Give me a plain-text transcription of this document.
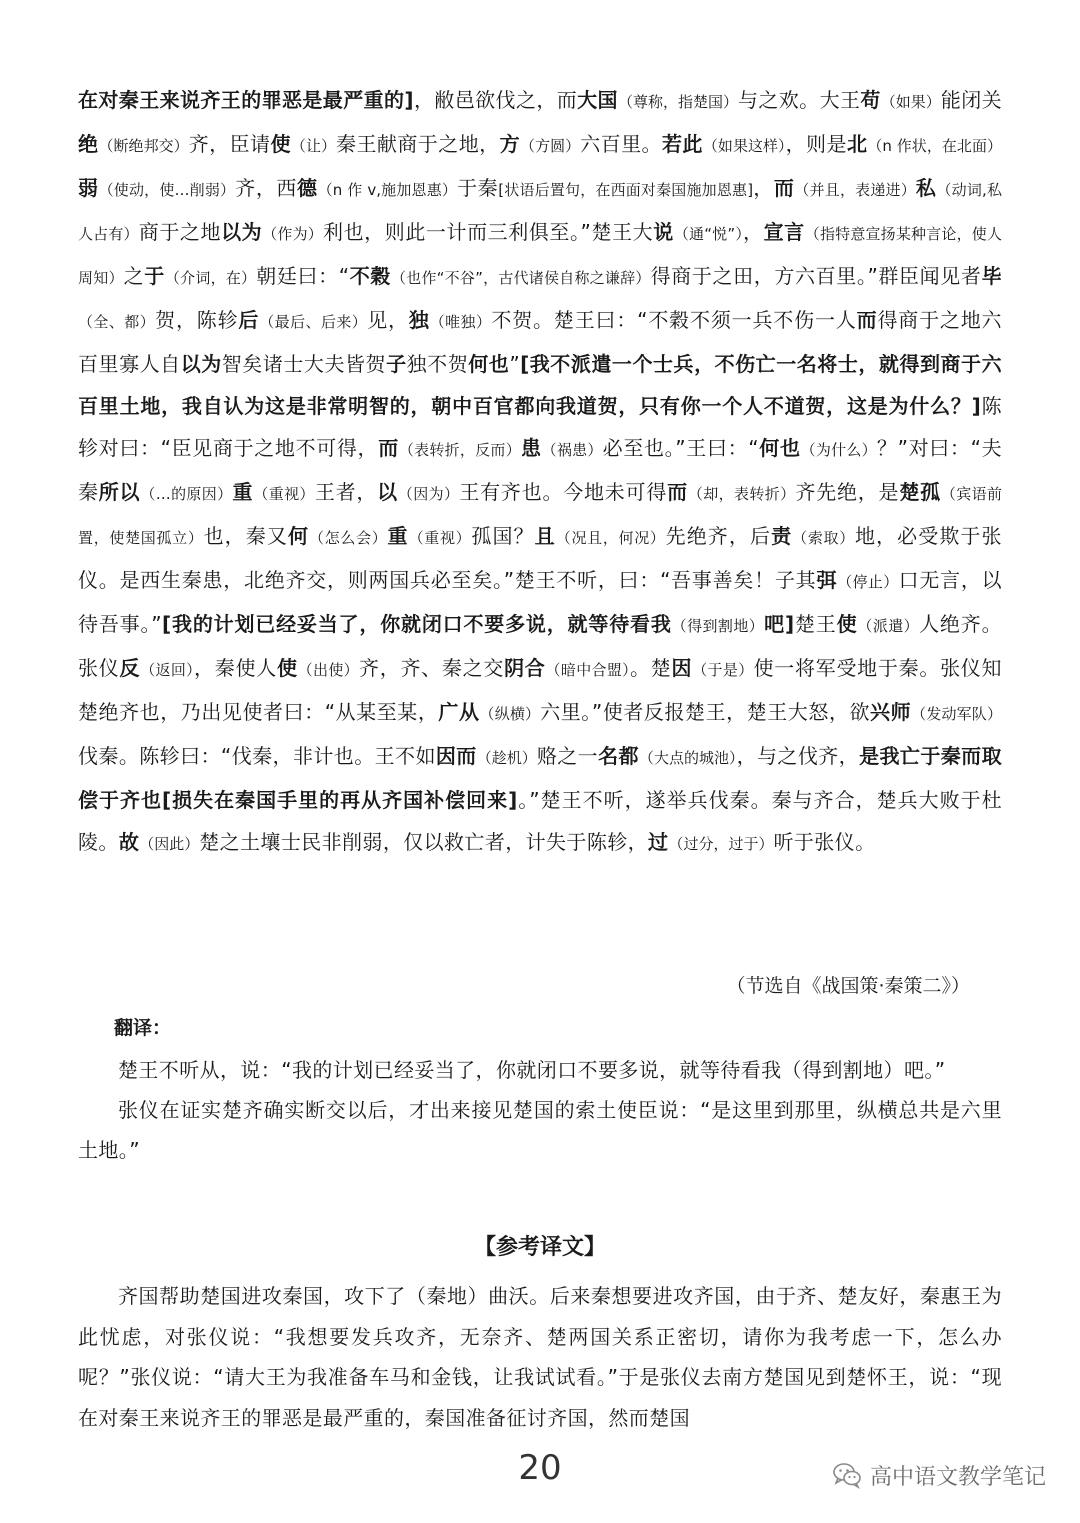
在对秦王来说齐王的罪恶是最严重的]，敝邑欲伐之，而大国（尊称，指楚国）与之欢。大王苟（如果）能闭关绝（断绝邦交）齐，臣请使（让）秦王献商于之地，方（方圆）六百里。若此（如果这样），则是北（n 作状，在北面）弱（使动，使…削弱）齐，西德（n 作 v,施加恩惠）于秦[状语后置句，在西面对秦国施加恩惠]，而（并且，表递进）私（动词,私人占有）商于之地以为（作为）利也，则此一计而三利俱至。”楚王大说（通“悦”），宣言（指特意宣扬某种言论，使人周知）之于（介词，在）朝廷曰：“不穀（也作“不谷”，古代诸侯自称之谦辞）得商于之田，方六百里。”群臣闻见者毕（全、都）贺，陈轸后（最后、后来）见，独（唯独）不贺。楚王曰：“不穀不须一兵不伤一人而得商于之地六百里寡人自以为智矣诸士大夫皆贺子独不贺何也”[我不派遣一个士兵，不伤亡一名将士，就得到商于六百里土地，我自认为这是非常明智的，朝中百官都向我道贺，只有你一个人不道贺，这是为什么？]陈轸对曰：“臣见商于之地不可得，而（表转折，反而）患（祸患）必至也。”王曰：“何也（为什么）？”对曰：“夫秦所以（…的原因）重（重视）王者，以（因为）王有齐也。今地未可得而（却，表转折）齐先绝，是楚孤（宾语前置，使楚国孤立）也，秦又何（怎么会）重（重视）孤国？且（况且，何况）先绝齐，后责（索取）地，必受欺于张仪。是西生秦患，北绝齐交，则两国兵必至矣。”楚王不听，曰：“吾事善矣！子其弭（停止）口无言，以待吾事。”[我的计划已经妥当了，你就闭口不要多说，就等待看我（得到割地）吧]楚王使（派遣）人绝齐。张仪反（返回），秦使人使（出使）齐，齐、秦之交阴合（暗中合盟）。楚因（于是）使一将军受地于秦。张仪知楚绝齐也，乃出见使者曰：“从某至某，广从（纵横）六里。”使者反报楚王，楚王大怒，欲兴师（发动军队）伐秦。陈轸曰：“伐秦，非计也。王不如因而（趁机）赂之一名都（大点的城池），与之伐齐，是我亡于秦而取偿于齐也[损失在秦国手里的再从齐国补偿回来]。”楚王不听，遂举兵伐秦。秦与齐合，楚兵大败于杜陵。故（因此）楚之土壤士民非削弱，仅以救亡者，计失于陈轸，过（过分，过于）听于张仪。
（节选自《战国策·秦策二》）
翻译：

楚王不听从，说：“我的计划已经妥当了，你就闭口不要多说，就等待看我（得到割地）吧。”

张仪在证实楚齐确实断交以后，才出来接见楚国的索土使臣说：“是这里到那里，纵横总共是六里土地。”

【参考译文】

齐国帮助楚国进攻秦国，攻下了（秦地）曲沃。后来秦想要进攻齐国，由于齐、楚友好，秦惠王为此忧虑，对张仪说：“我想要发兵攻齐，无奈齐、楚两国关系正密切，请你为我考虑一下，怎么办呢？”张仪说：“请大王为我准备车马和金钱，让我试试看。”于是张仪去南方楚国见到楚怀王，说：“现在对秦王来说齐王的罪恶是最严重的，秦国准备征讨齐国，然而楚国

20	高中语文教学笔记
